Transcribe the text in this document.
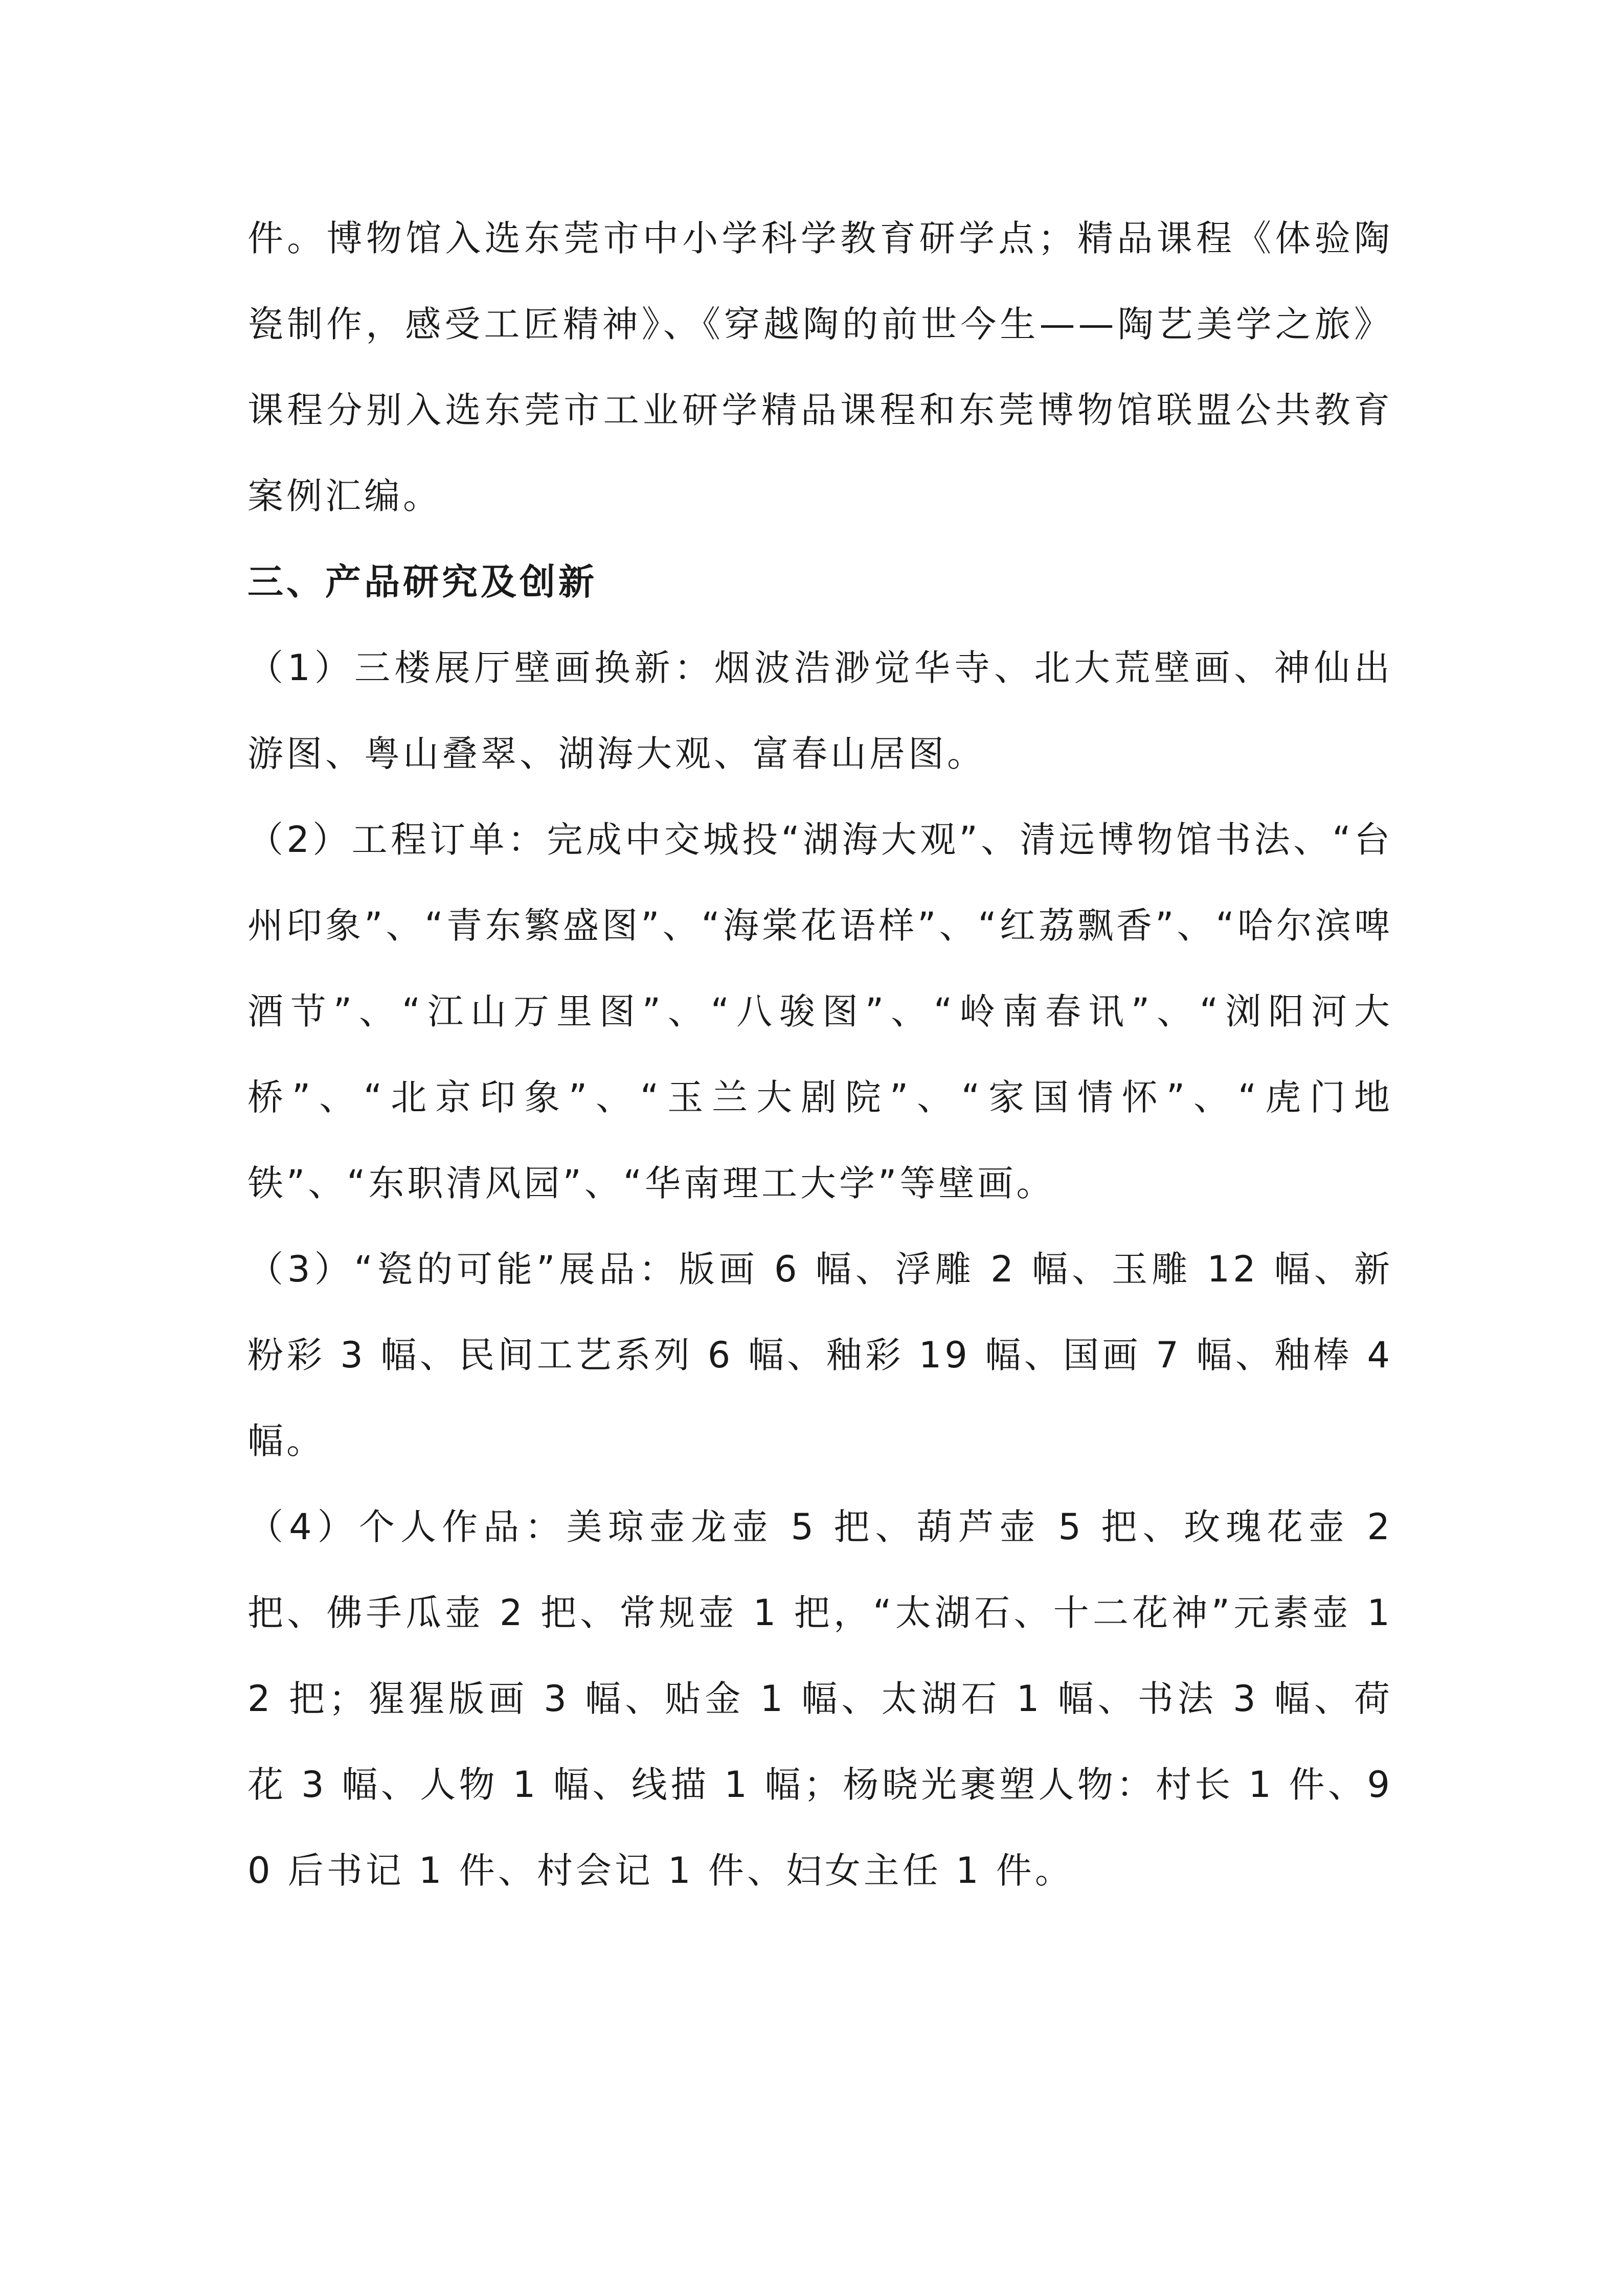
件。博物馆入选东莞市中小学科学教育研学点；精品课程《体验陶瓷制作，感受工匠精神》、《穿越陶的前世今生——陶艺美学之旅》课程分别入选东莞市工业研学精品课程和东莞博物馆联盟公共教育案例汇编。

三、产品研究及创新

（1）三楼展厅壁画换新：烟波浩渺觉华寺、北大荒壁画、神仙出游图、粤山叠翠、湖海大观、富春山居图。

（2）工程订单：完成中交城投“湖海大观”、清远博物馆书法、“台州印象”、“青东繁盛图”、“海棠花语样”、“红荔飘香”、“哈尔滨啤酒节”、“江山万里图”、“八骏图”、“岭南春讯”、“浏阳河大桥”、“北京印象”、“玉兰大剧院”、“家国情怀”、“虎门地铁”、“东职清风园”、“华南理工大学”等壁画。

（3）“瓷的可能”展品：版画 6 幅、浮雕 2 幅、玉雕 12 幅、新粉彩 3 幅、民间工艺系列 6 幅、釉彩 19 幅、国画 7 幅、釉棒 4 幅。

（4）个人作品：美琼壶龙壶 5 把、葫芦壶 5 把、玫瑰花壶 2 把、佛手瓜壶 2 把、常规壶 1 把，“太湖石、十二花神”元素壶 12 把；猩猩版画 3 幅、贴金 1 幅、太湖石 1 幅、书法 3 幅、荷花 3 幅、人物 1 幅、线描 1 幅；杨晓光裹塑人物：村长 1 件、90 后书记 1 件、村会记 1 件、妇女主任 1 件。
